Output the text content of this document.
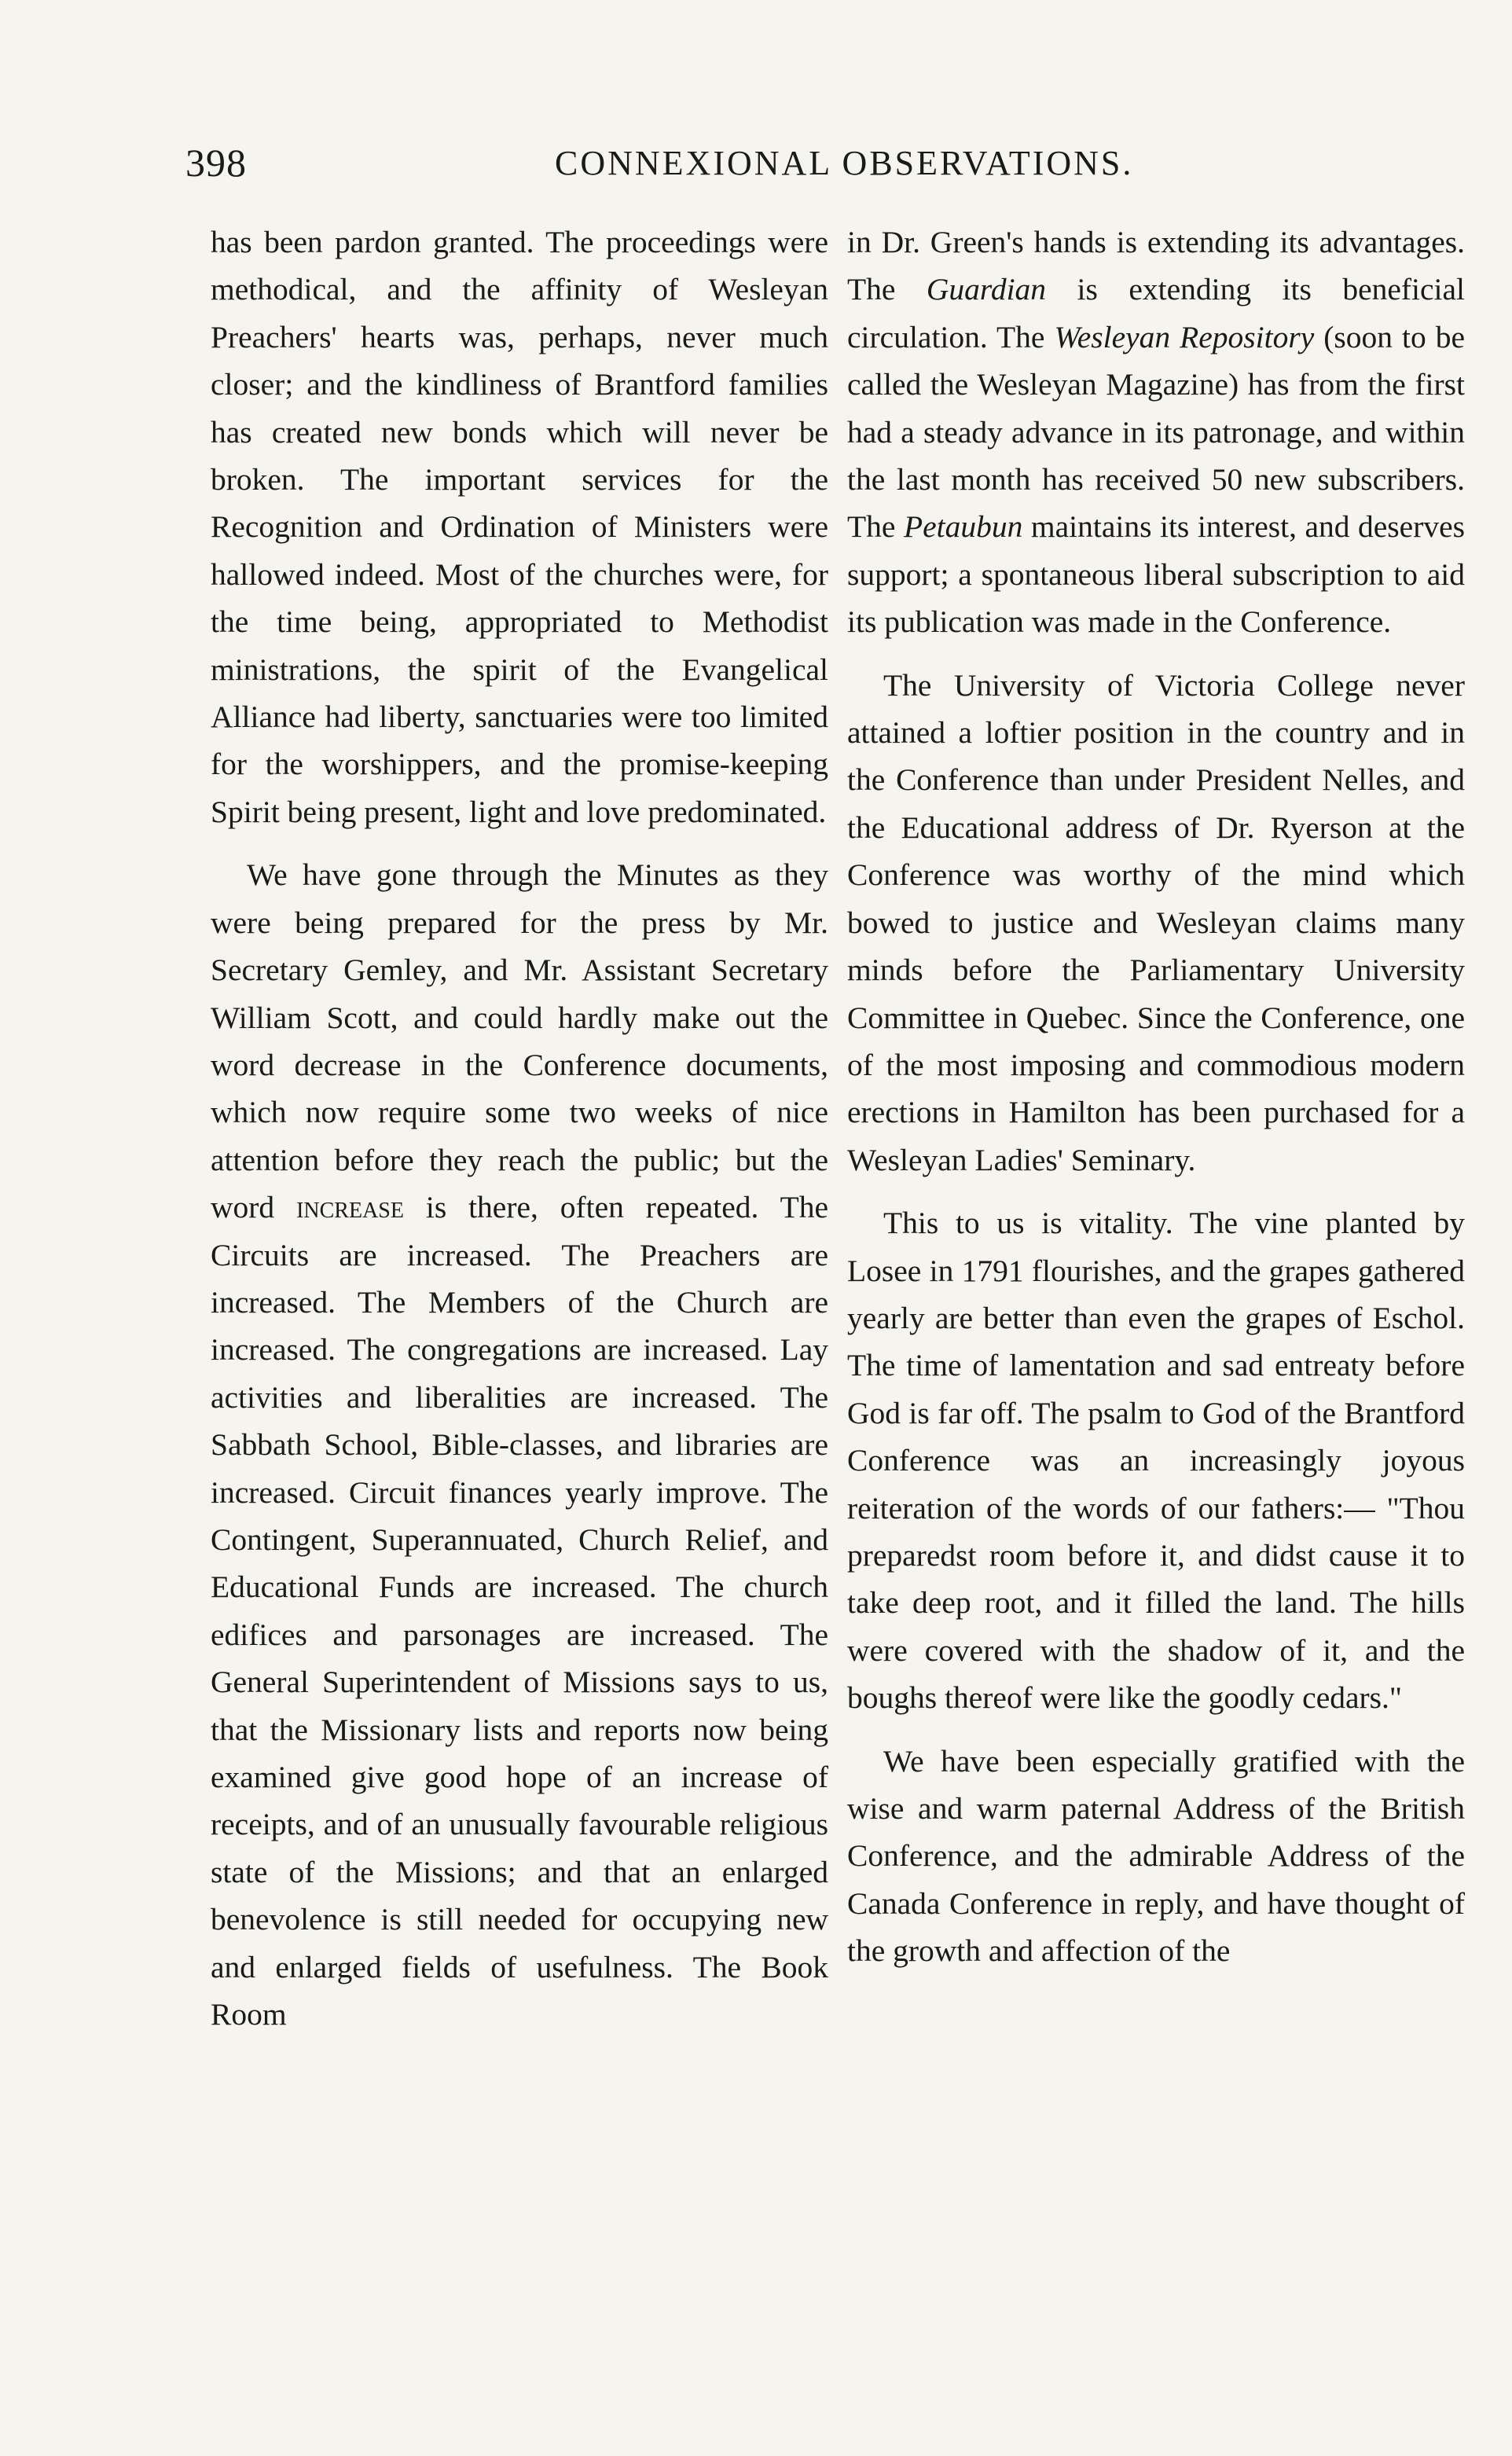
398	CONNEXIONAL OBSERVATIONS.

has been pardon granted. The proceedings were methodical, and the affinity of Wesleyan Preachers' hearts was, perhaps, never much closer; and the kindliness of Brantford families has created new bonds which will never be broken. The important services for the Recognition and Ordination of Ministers were hallowed indeed. Most of the churches were, for the time being, appropriated to Methodist ministrations, the spirit of the Evangelical Alliance had liberty, sanctuaries were too limited for the worshippers, and the promise-keeping Spirit being present, light and love predominated.

We have gone through the Minutes as they were being prepared for the press by Mr. Secretary Gemley, and Mr. Assistant Secretary William Scott, and could hardly make out the word decrease in the Conference documents, which now require some two weeks of nice attention before they reach the public; but the word increase is there, often repeated. The Circuits are increased. The Preachers are increased. The Members of the Church are increased. The congregations are increased. Lay activities and liberalities are increased. The Sabbath School, Bible-classes, and libraries are increased. Circuit finances yearly improve. The Contingent, Superannuated, Church Relief, and Educational Funds are increased. The church edifices and parsonages are increased. The General Superintendent of Missions says to us, that the Missionary lists and reports now being examined give good hope of an increase of receipts, and of an unusually favourable religious state of the Missions; and that an enlarged benevolence is still needed for occupying new and enlarged fields of usefulness. The Book Room

in Dr. Green's hands is extending its advantages. The Guardian is extending its beneficial circulation. The Wesleyan Repository (soon to be called the Wesleyan Magazine) has from the first had a steady advance in its patronage, and within the last month has received 50 new subscribers. The Petaubun maintains its interest, and deserves support; a spontaneous liberal subscription to aid its publication was made in the Conference.

The University of Victoria College never attained a loftier position in the country and in the Conference than under President Nelles, and the Educational address of Dr. Ryerson at the Conference was worthy of the mind which bowed to justice and Wesleyan claims many minds before the Parliamentary University Committee in Quebec. Since the Conference, one of the most imposing and commodious modern erections in Hamilton has been purchased for a Wesleyan Ladies' Seminary.

This to us is vitality. The vine planted by Losee in 1791 flourishes, and the grapes gathered yearly are better than even the grapes of Eschol. The time of lamentation and sad entreaty before God is far off. The psalm to God of the Brantford Conference was an increasingly joyous reiteration of the words of our fathers:— "Thou preparedst room before it, and didst cause it to take deep root, and it filled the land. The hills were covered with the shadow of it, and the boughs thereof were like the goodly cedars."

We have been especially gratified with the wise and warm paternal Address of the British Conference, and the admirable Address of the Canada Conference in reply, and have thought of the growth and affection of the
